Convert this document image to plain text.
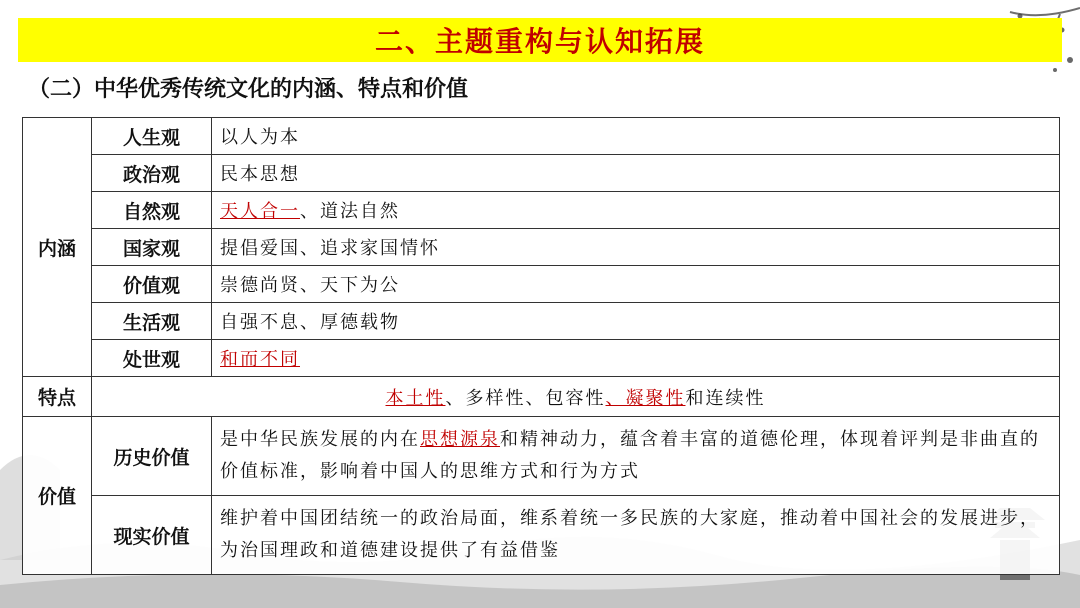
二、主题重构与认知拓展
（二）中华优秀传统文化的内涵、特点和价值
内涵	人生观	以人为本
	政治观	民本思想
	自然观	天人合一、道法自然
	国家观	提倡爱国、追求家国情怀
	价值观	崇德尚贤、天下为公
	生活观	自强不息、厚德载物
	处世观	和而不同
特点	本土性、多样性、包容性、凝聚性和连续性	
价值	历史价值	是中华民族发展的内在思想源泉和精神动力，蕴含着丰富的道德伦理，体现着评判是非曲直的价值标准，影响着中国人的思维方式和行为方式
	现实价值	维护着中国团结统一的政治局面，维系着统一多民族的大家庭，推动着中国社会的发展进步，为治国理政和道德建设提供了有益借鉴
